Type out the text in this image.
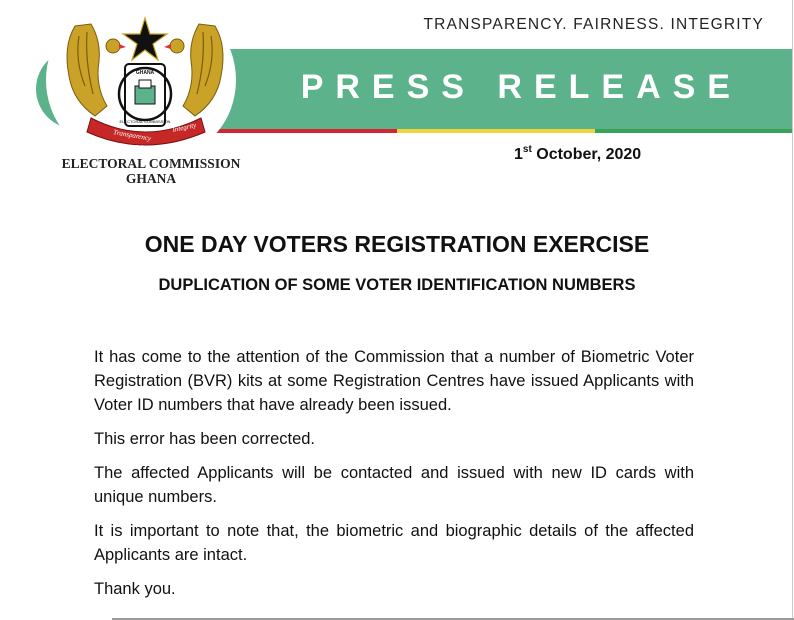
TRANSPARENCY. FAIRNESS. INTEGRITY
PRESS RELEASE
GHANA
Transparency
Integrity
Fairness
ELECTORAL COMMISSION
ELECTORAL COMMISSION
GHANA
1st October, 2020
ONE DAY VOTERS REGISTRATION EXERCISE
DUPLICATION OF SOME VOTER IDENTIFICATION NUMBERS

It has come to the attention of the Commission that a number of Biometric Voter Registration (BVR) kits at some Registration Centres have issued Applicants with Voter ID numbers that have already been issued.

This error has been corrected.

The affected Applicants will be contacted and issued with new ID cards with unique numbers.

It is important to note that, the biometric and biographic details of the affected Applicants are intact.

Thank you.
